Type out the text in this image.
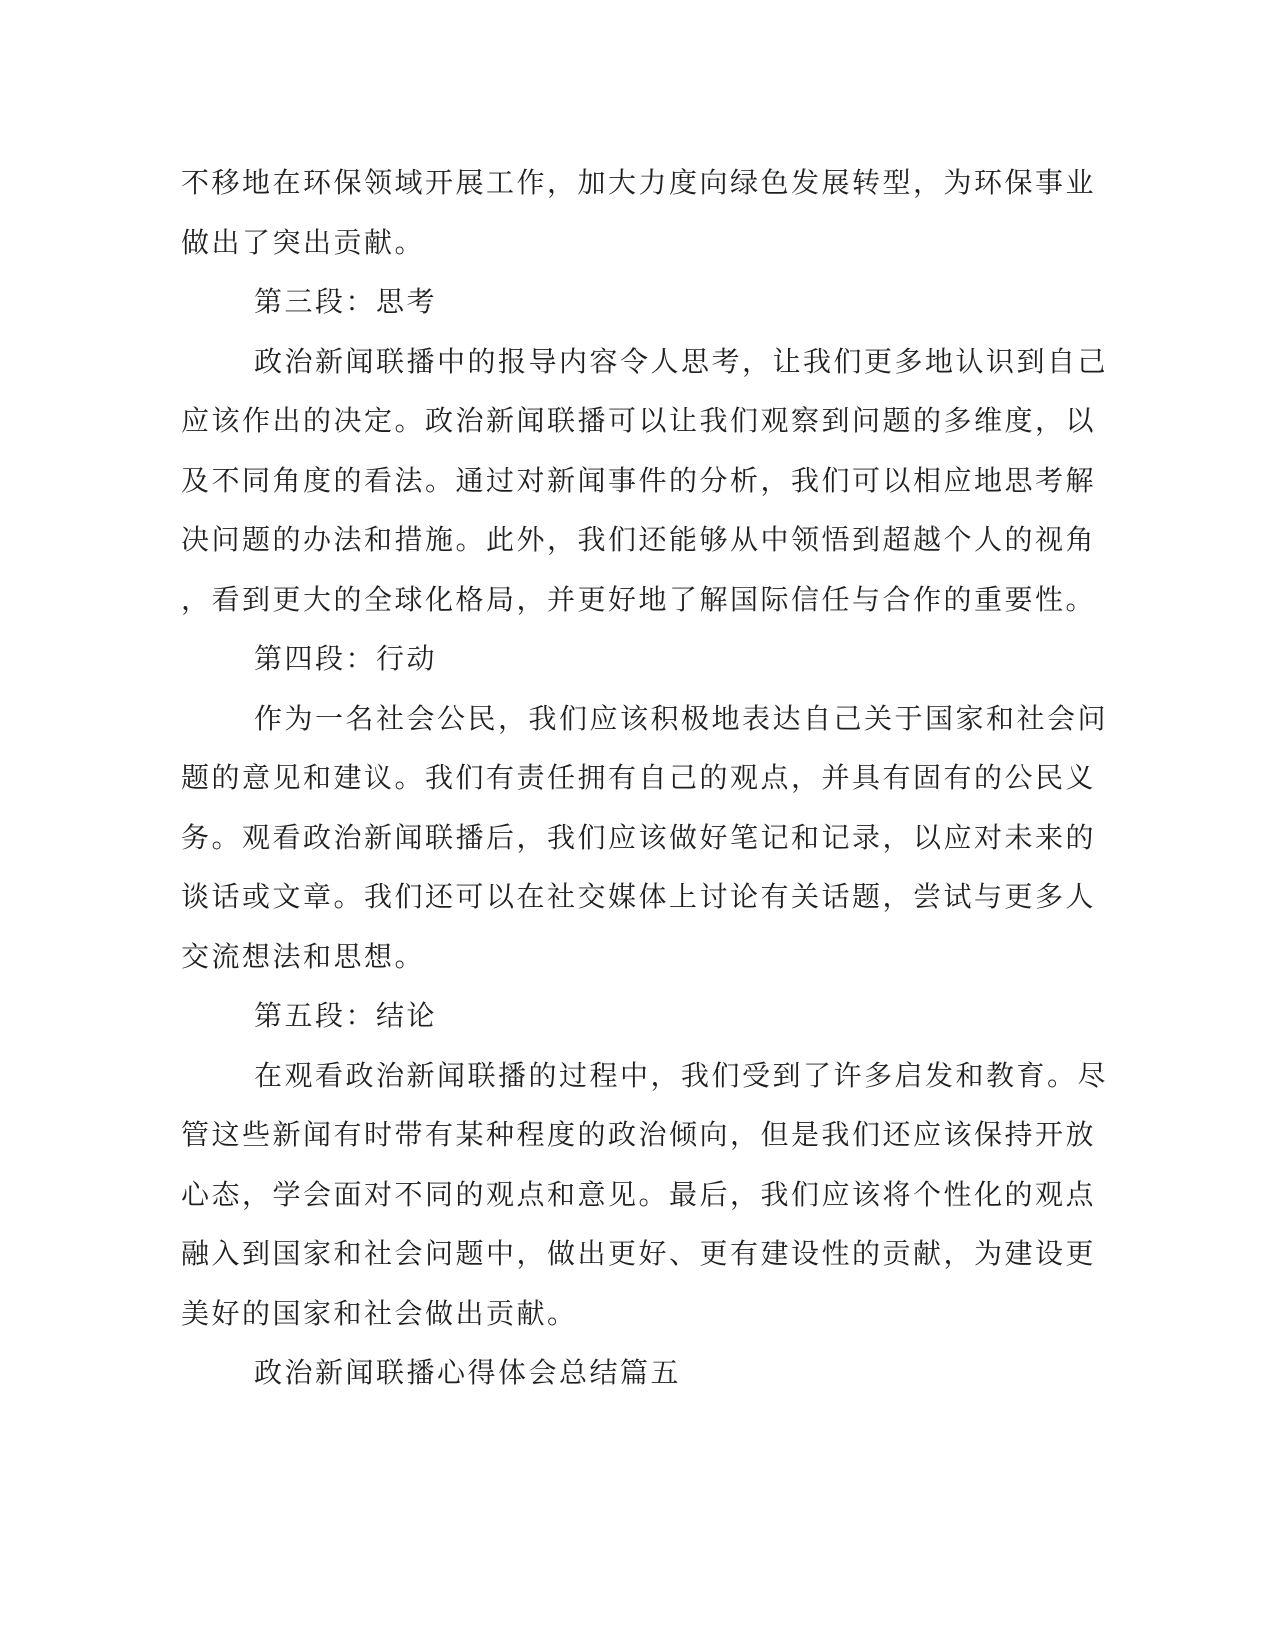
不移地在环保领域开展工作，加大力度向绿色发展转型，为环保事业
做出了突出贡献。
第三段：思考
政治新闻联播中的报导内容令人思考，让我们更多地认识到自己
应该作出的决定。政治新闻联播可以让我们观察到问题的多维度，以
及不同角度的看法。通过对新闻事件的分析，我们可以相应地思考解
决问题的办法和措施。此外，我们还能够从中领悟到超越个人的视角
，看到更大的全球化格局，并更好地了解国际信任与合作的重要性。
第四段：行动
作为一名社会公民，我们应该积极地表达自己关于国家和社会问
题的意见和建议。我们有责任拥有自己的观点，并具有固有的公民义
务。观看政治新闻联播后，我们应该做好笔记和记录，以应对未来的
谈话或文章。我们还可以在社交媒体上讨论有关话题，尝试与更多人
交流想法和思想。
第五段：结论
在观看政治新闻联播的过程中，我们受到了许多启发和教育。尽
管这些新闻有时带有某种程度的政治倾向，但是我们还应该保持开放
心态，学会面对不同的观点和意见。最后，我们应该将个性化的观点
融入到国家和社会问题中，做出更好、更有建设性的贡献，为建设更
美好的国家和社会做出贡献。
政治新闻联播心得体会总结篇五
